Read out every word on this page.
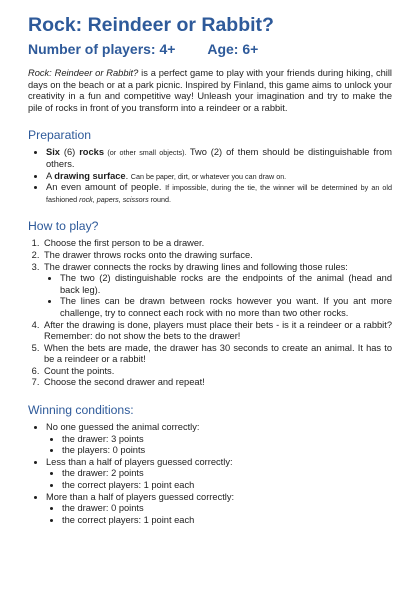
Rock: Reindeer or Rabbit?
Number of players: 4+ Age: 6+

Rock: Reindeer or Rabbit? is a perfect game to play with your friends during hiking, chill days on the beach or at a park picnic. Inspired by Finland, this game aims to unlock your creativity in a fun and competitive way! Unleash your imagination and try to make the pile of rocks in front of you transform into a reindeer or a rabbit.

Preparation
• Six (6) rocks (or other small objects). Two (2) of them should be distinguishable from others.
• A drawing surface. Can be paper, dirt, or whatever you can draw on.
• An even amount of people. If impossible, during the tie, the winner will be determined by an old fashioned rock, papers, scissors round.
How to play?
1. Choose the first person to be a drawer.
2. The drawer throws rocks onto the drawing surface.
3. The drawer connects the rocks by drawing lines and following those rules:
• The two (2) distinguishable rocks are the endpoints of the animal (head and back leg).
• The lines can be drawn between rocks however you want. If you ant more challenge, try to connect each rock with no more than two other rocks.
4. After the drawing is done, players must place their bets - is it a reindeer or a rabbit? Remember: do not show the bets to the drawer!
5. When the bets are made, the drawer has 30 seconds to create an animal. It has to be a reindeer or a rabbit!
6. Count the points.
7. Choose the second drawer and repeat!
Winning conditions:
• No one guessed the animal correctly:
• the drawer: 3 points
• the players: 0 points
• Less than a half of players guessed correctly:
• the drawer: 2 points
• the correct players: 1 point each
• More than a half of players guessed correctly:
• the drawer: 0 points
• the correct players: 1 point each
